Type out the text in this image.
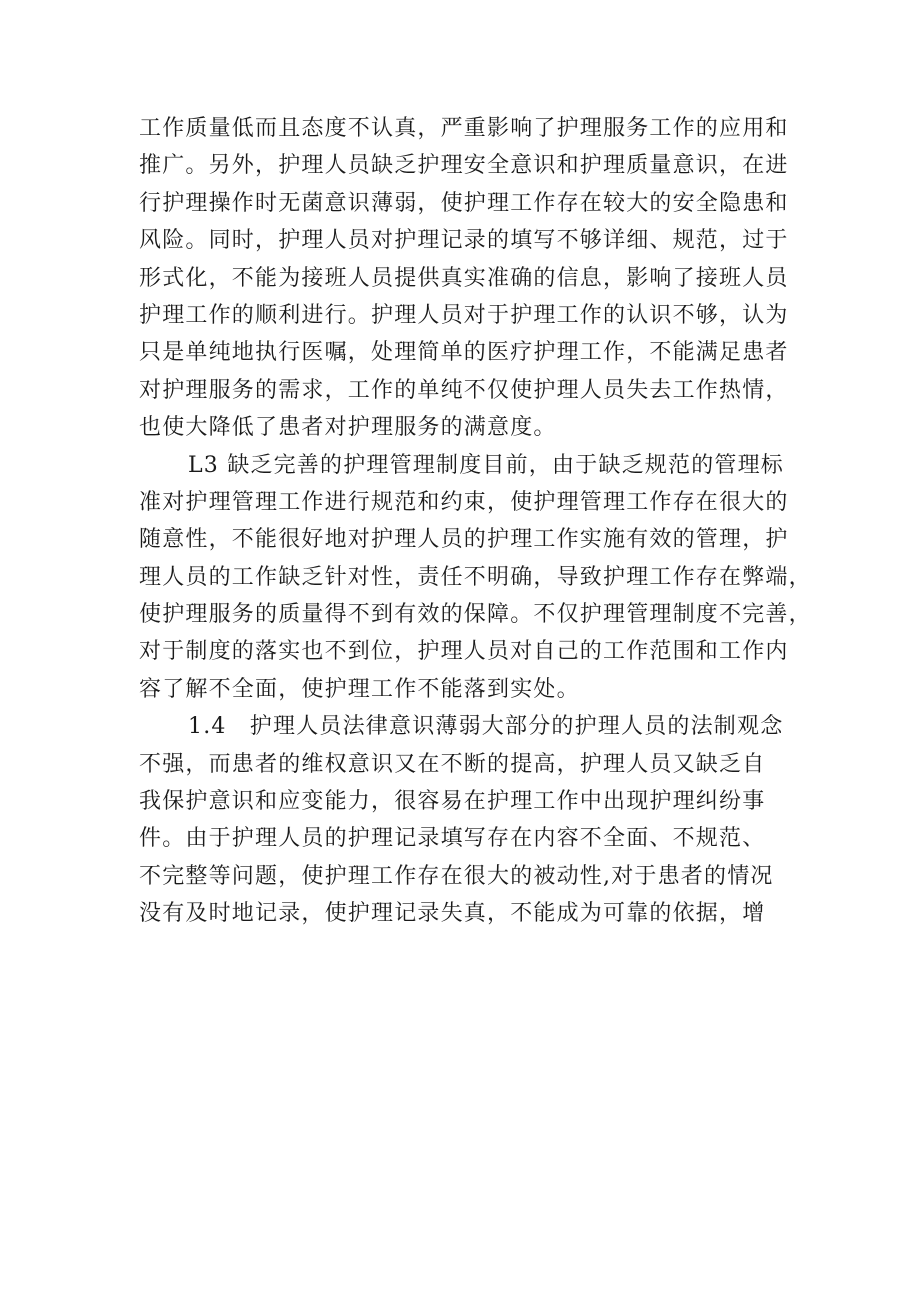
工作质量低而且态度不认真，严重影响了护理服务工作的应用和
推广。另外，护理人员缺乏护理安全意识和护理质量意识，在进
行护理操作时无菌意识薄弱，使护理工作存在较大的安全隐患和
风险。同时，护理人员对护理记录的填写不够详细、规范，过于
形式化，不能为接班人员提供真实准确的信息，影响了接班人员
护理工作的顺利进行。护理人员对于护理工作的认识不够，认为
只是单纯地执行医嘱，处理简单的医疗护理工作，不能满足患者
对护理服务的需求，工作的单纯不仅使护理人员失去工作热情，
也使大降低了患者对护理服务的满意度。
L3 缺乏完善的护理管理制度目前，由于缺乏规范的管理标
准对护理管理工作进行规范和约束，使护理管理工作存在很大的
随意性，不能很好地对护理人员的护理工作实施有效的管理，护
理人员的工作缺乏针对性，责任不明确，导致护理工作存在弊端，
使护理服务的质量得不到有效的保障。不仅护理管理制度不完善，
对于制度的落实也不到位，护理人员对自己的工作范围和工作内
容了解不全面，使护理工作不能落到实处。
1.4　护理人员法律意识薄弱大部分的护理人员的法制观念
不强，而患者的维权意识又在不断的提高，护理人员又缺乏自
我保护意识和应变能力，很容易在护理工作中出现护理纠纷事
件。由于护理人员的护理记录填写存在内容不全面、不规范、
不完整等问题，使护理工作存在很大的被动性,对于患者的情况
没有及时地记录，使护理记录失真，不能成为可靠的依据，增
